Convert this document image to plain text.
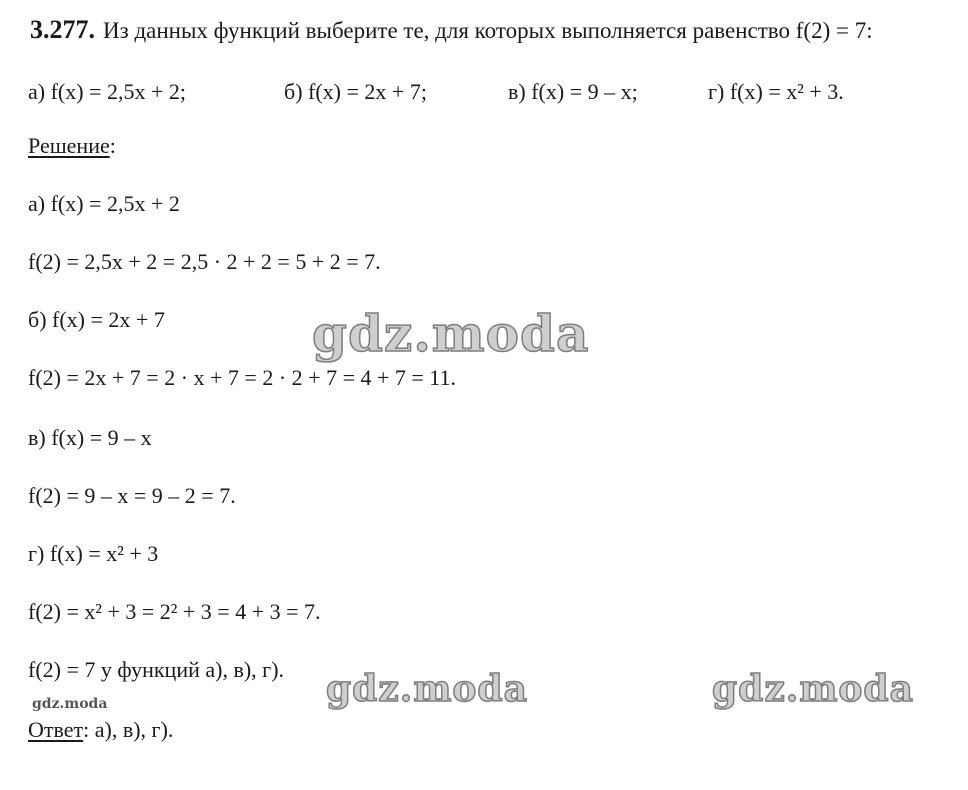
3.277. Из данных функций выберите те, для которых выполняется равенство f(2) = 7:
а) f(x) = 2,5x + 2;	б) f(x) = 2x + 7;	в) f(x) = 9 – x;	г) f(x) = x² + 3.
Решение:
а) f(x) = 2,5x + 2
f(2) = 2,5x + 2 = 2,5 · 2 + 2 = 5 + 2 = 7.
б) f(x) = 2x + 7
f(2) = 2x + 7 = 2 · x + 7 = 2 · 2 + 7 = 4 + 7 = 11.
в) f(x) = 9 – x
f(2) = 9 – x = 9 – 2 = 7.
г) f(x) = x² + 3
f(2) = x² + 3 = 2² + 3 = 4 + 3 = 7.
f(2) = 7 у функций а), в), г).
Ответ: а), в), г).
gdz.moda
gdz.moda	gdz.moda
gdz.moda
